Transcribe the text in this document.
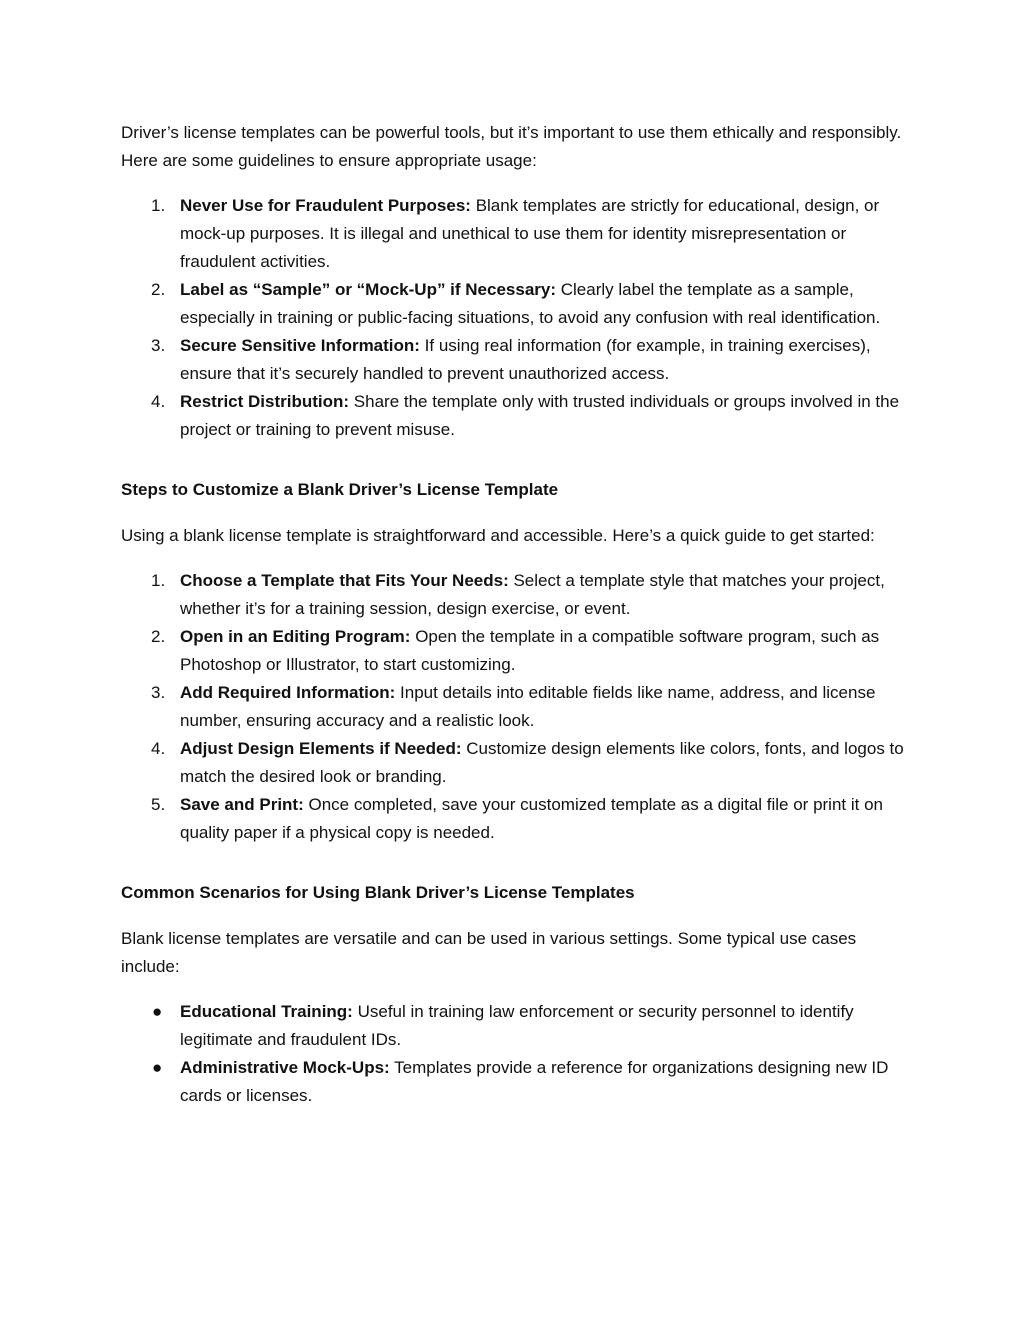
Driver’s license templates can be powerful tools, but it’s important to use them ethically and responsibly. Here are some guidelines to ensure appropriate usage:

1. Never Use for Fraudulent Purposes: Blank templates are strictly for educational, design, or mock-up purposes. It is illegal and unethical to use them for identity misrepresentation or fraudulent activities.
2. Label as “Sample” or “Mock-Up” if Necessary: Clearly label the template as a sample, especially in training or public-facing situations, to avoid any confusion with real identification.
3. Secure Sensitive Information: If using real information (for example, in training exercises), ensure that it’s securely handled to prevent unauthorized access.
4. Restrict Distribution: Share the template only with trusted individuals or groups involved in the project or training to prevent misuse.

Steps to Customize a Blank Driver’s License Template

Using a blank license template is straightforward and accessible. Here’s a quick guide to get started:

1. Choose a Template that Fits Your Needs: Select a template style that matches your project, whether it’s for a training session, design exercise, or event.
2. Open in an Editing Program: Open the template in a compatible software program, such as Photoshop or Illustrator, to start customizing.
3. Add Required Information: Input details into editable fields like name, address, and license number, ensuring accuracy and a realistic look.
4. Adjust Design Elements if Needed: Customize design elements like colors, fonts, and logos to match the desired look or branding.
5. Save and Print: Once completed, save your customized template as a digital file or print it on quality paper if a physical copy is needed.

Common Scenarios for Using Blank Driver’s License Templates

Blank license templates are versatile and can be used in various settings. Some typical use cases include:

● Educational Training: Useful in training law enforcement or security personnel to identify legitimate and fraudulent IDs.
● Administrative Mock-Ups: Templates provide a reference for organizations designing new ID cards or licenses.
